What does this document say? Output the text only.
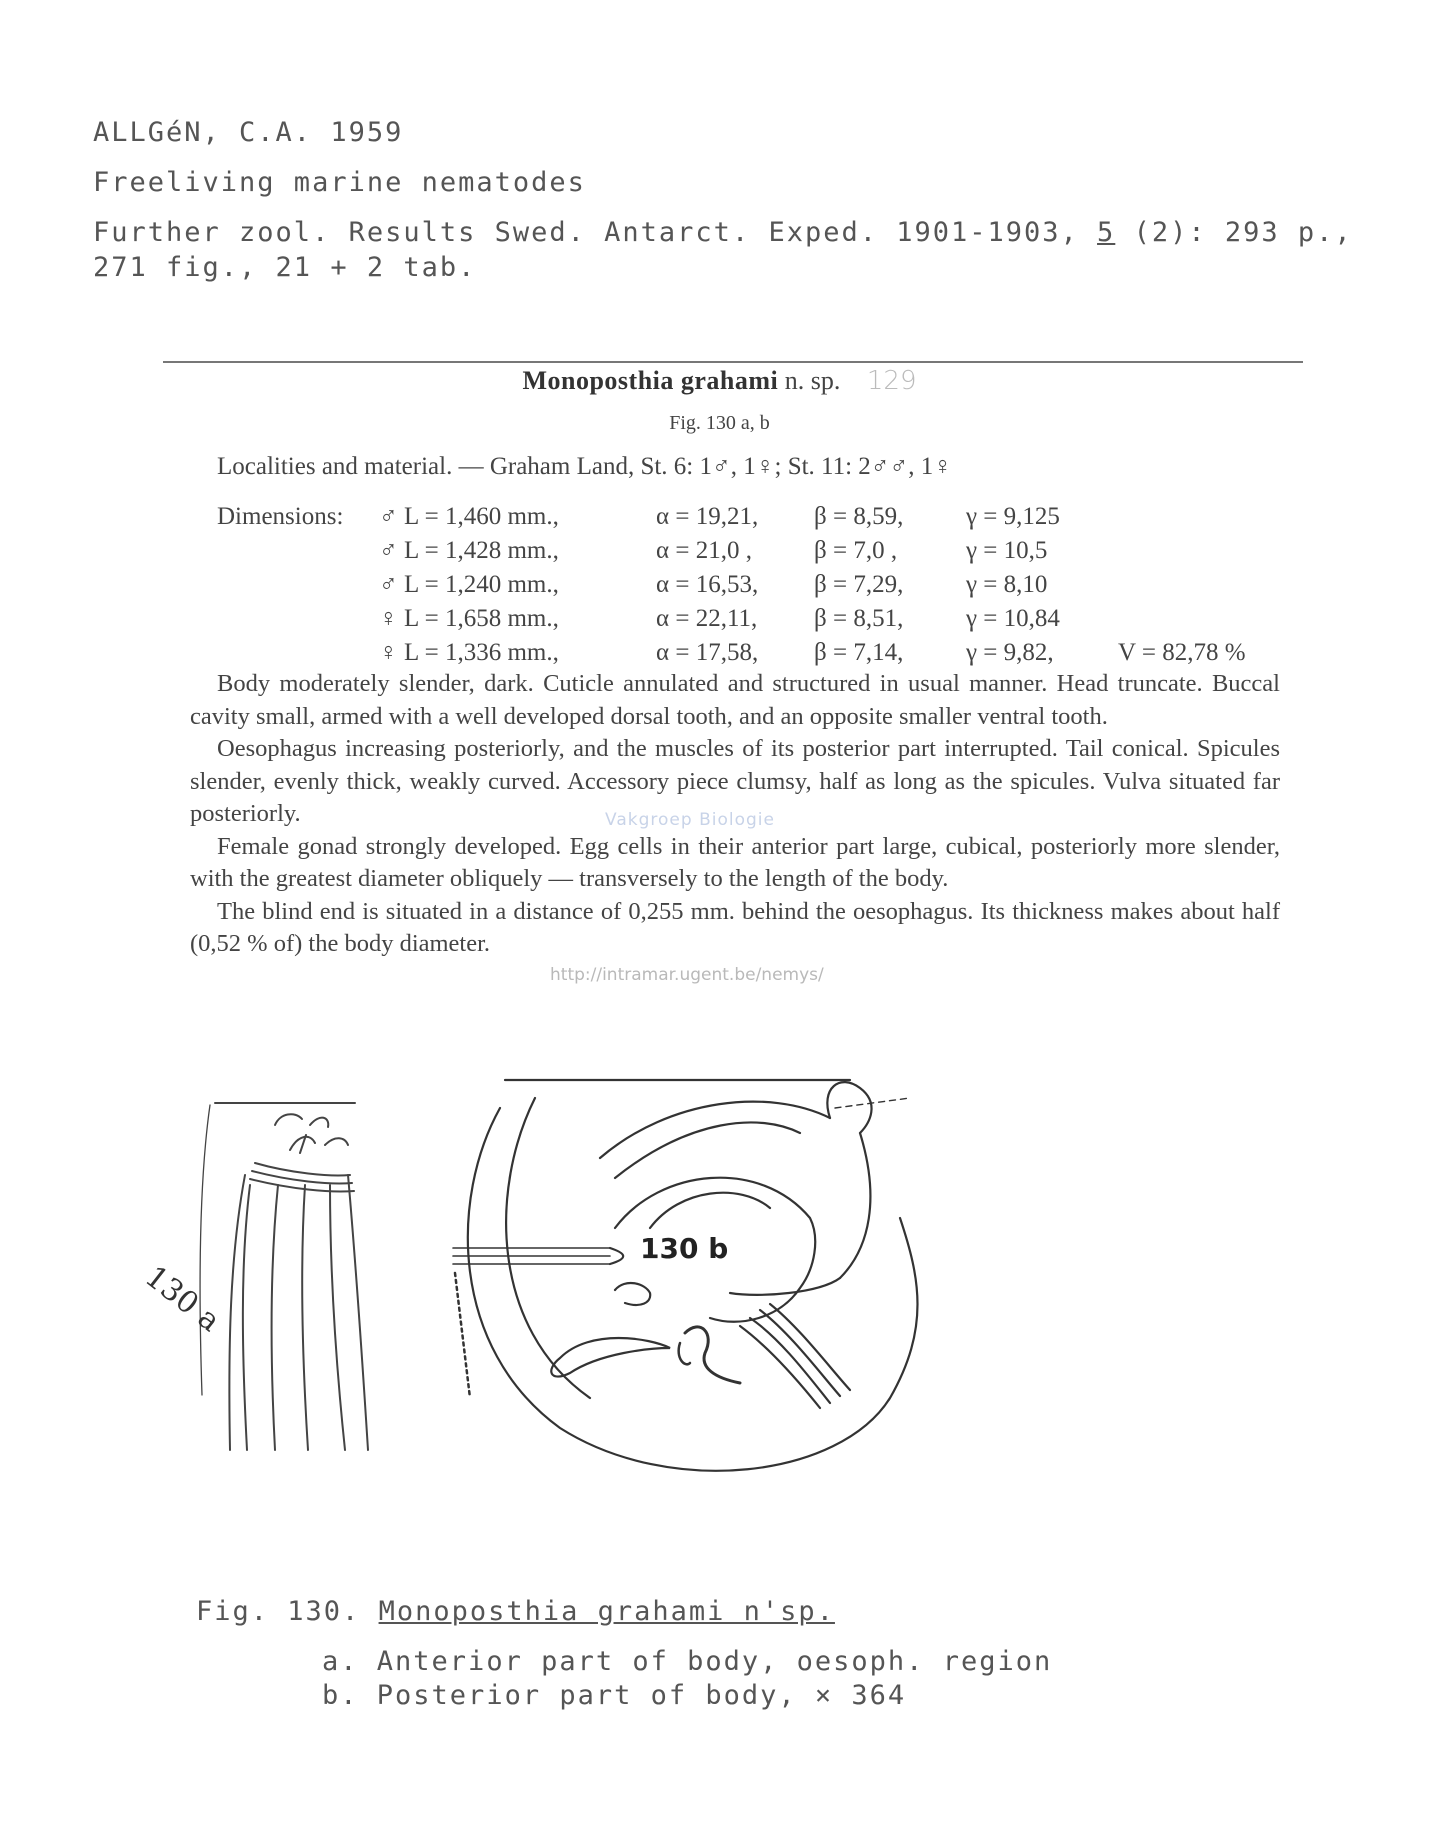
ALLGéN, C.A. 1959
Freeliving marine nematodes
Further zool. Results Swed. Antarct. Exped. 1901-1903, 5 (2): 293 p.,
271 fig., 21 + 2 tab.
Monoposthia grahami n. sp. 129
Fig. 130 a, b
Localities and material. — Graham Land, St. 6: 1♂, 1♀; St. 11: 2♂♂, 1♀
Dimensions:	♂ L = 1,460 mm.,	α = 19,21,	β = 8,59,	γ = 9,125	
	♂ L = 1,428 mm.,	α = 21,0 ,	β = 7,0 ,	γ = 10,5	
	♂ L = 1,240 mm.,	α = 16,53,	β = 7,29,	γ = 8,10	
	♀ L = 1,658 mm.,	α = 22,11,	β = 8,51,	γ = 10,84	
	♀ L = 1,336 mm.,	α = 17,58,	β = 7,14,	γ = 9,82,	V = 82,78 %

Body moderately slender, dark. Cuticle annulated and structured in usual manner. Head truncate. Buccal cavity small, armed with a well developed dorsal tooth, and an opposite smaller ventral tooth.

Oesophagus increasing posteriorly, and the muscles of its posterior part interrupted. Tail conical. Spicules slender, evenly thick, weakly curved. Accessory piece clumsy, half as long as the spicules. Vulva situated far posteriorly.

Female gonad strongly developed. Egg cells in their anterior part large, cubical, posteriorly more slender, with the greatest diameter obliquely — transversely to the length of the body.

The blind end is situated in a distance of 0,255 mm. behind the oesophagus. Its thickness makes about half (0,52 % of) the body diameter.

Vakgroep Biologie
http://intramar.ugent.be/nemys/
130 a
130 b
Fig. 130. Monoposthia grahami n'sp.
a. Anterior part of body, oesoph. region
b. Posterior part of body, × 364
